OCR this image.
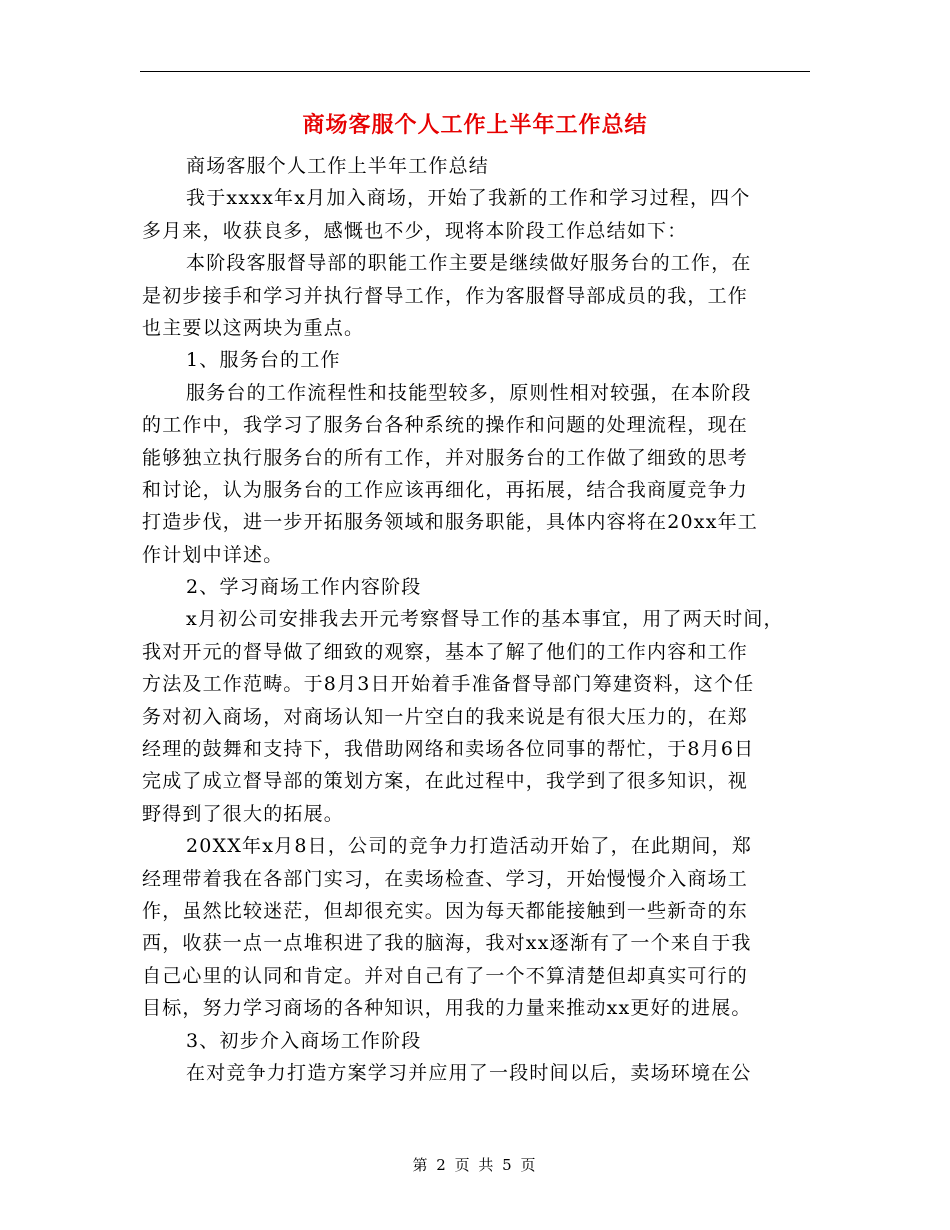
商场客服个人工作上半年工作总结
商场客服个人工作上半年工作总结
我于xxxx年x月加入商场，开始了我新的工作和学习过程，四个
多月来，收获良多，感慨也不少，现将本阶段工作总结如下：
本阶段客服督导部的职能工作主要是继续做好服务台的工作，在
是初步接手和学习并执行督导工作，作为客服督导部成员的我，工作
也主要以这两块为重点。
1、服务台的工作
服务台的工作流程性和技能型较多，原则性相对较强，在本阶段
的工作中，我学习了服务台各种系统的操作和问题的处理流程，现在
能够独立执行服务台的所有工作，并对服务台的工作做了细致的思考
和讨论，认为服务台的工作应该再细化，再拓展，结合我商厦竞争力
打造步伐，进一步开拓服务领域和服务职能，具体内容将在20xx年工
作计划中详述。
2、学习商场工作内容阶段
x月初公司安排我去开元考察督导工作的基本事宜，用了两天时间，
我对开元的督导做了细致的观察，基本了解了他们的工作内容和工作
方法及工作范畴。于8月3日开始着手准备督导部门筹建资料，这个任
务对初入商场，对商场认知一片空白的我来说是有很大压力的，在郑
经理的鼓舞和支持下，我借助网络和卖场各位同事的帮忙，于8月6日
完成了成立督导部的策划方案，在此过程中，我学到了很多知识，视
野得到了很大的拓展。
20XX年x月8日，公司的竞争力打造活动开始了，在此期间，郑
经理带着我在各部门实习，在卖场检查、学习，开始慢慢介入商场工
作，虽然比较迷茫，但却很充实。因为每天都能接触到一些新奇的东
西，收获一点一点堆积进了我的脑海，我对xx逐渐有了一个来自于我
自己心里的认同和肯定。并对自己有了一个不算清楚但却真实可行的
目标，努力学习商场的各种知识，用我的力量来推动xx更好的进展。
3、初步介入商场工作阶段
在对竞争力打造方案学习并应用了一段时间以后，卖场环境在公
第 2 页 共 5 页
